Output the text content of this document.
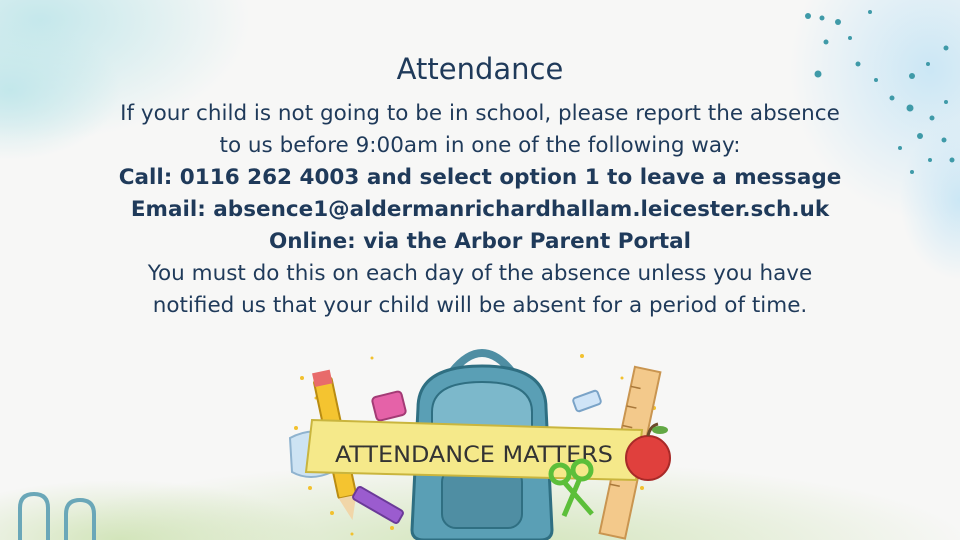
Attendance
If your child is not going to be in school, please report the absence
to us before 9:00am in one of the following way:
Call: 0116 262 4003 and select option 1 to leave a message
Email: absence1@aldermanrichardhallam.leicester.sch.uk
Online: via the Arbor Parent Portal
You must do this on each day of the absence unless you have
notified us that your child will be absent for a period of time.
ATTENDANCE MATTERS
